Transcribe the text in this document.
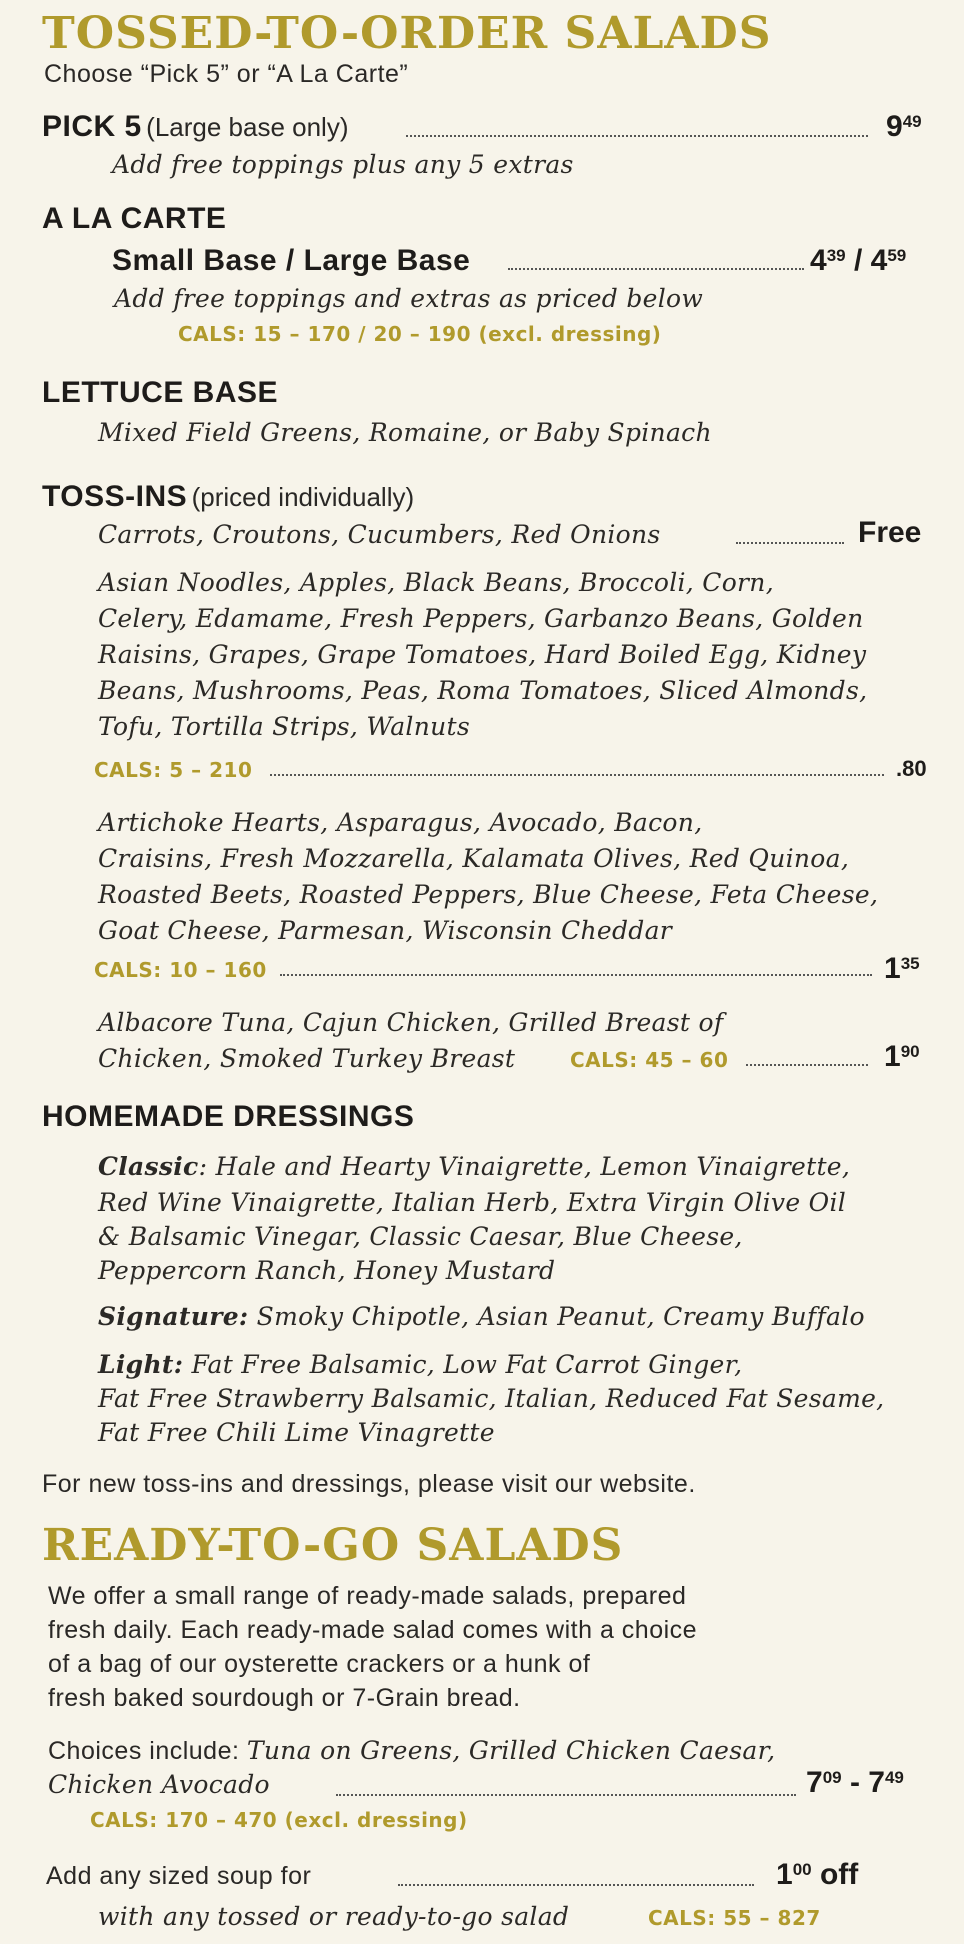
TOSSED-TO-ORDER SALADS
Choose “Pick 5” or “A La Carte”
PICK 5 (Large base only)	$9^{49}$
Add free toppings plus any 5 extras
A LA CARTE
Small Base / Large Base	$4^{39} / 4^{59}$
Add free toppings and extras as priced below
CALS: 15 – 170 / 20 – 190 (excl. dressing)
LETTUCE BASE
Mixed Field Greens, Romaine, or Baby Spinach
TOSS-INS (priced individually)
Carrots, Croutons, Cucumbers, Red Onions	Free
Asian Noodles, Apples, Black Beans, Broccoli, Corn,
Celery, Edamame, Fresh Peppers, Garbanzo Beans, Golden
Raisins, Grapes, Grape Tomatoes, Hard Boiled Egg, Kidney
Beans, Mushrooms, Peas, Roma Tomatoes, Sliced Almonds,
Tofu, Tortilla Strips, Walnuts
CALS: 5 – 210	.80
Artichoke Hearts, Asparagus, Avocado, Bacon,
Craisins, Fresh Mozzarella, Kalamata Olives, Red Quinoa,
Roasted Beets, Roasted Peppers, Blue Cheese, Feta Cheese,
Goat Cheese, Parmesan, Wisconsin Cheddar
CALS: 10 – 160	$1^{35}$
Albacore Tuna, Cajun Chicken, Grilled Breast of
Chicken, Smoked Turkey Breast	CALS: 45 – 60	$1^{90}$
HOMEMADE DRESSINGS
Classic: Hale and Hearty Vinaigrette, Lemon Vinaigrette,
Red Wine Vinaigrette, Italian Herb, Extra Virgin Olive Oil
& Balsamic Vinegar, Classic Caesar, Blue Cheese,
Peppercorn Ranch, Honey Mustard
Signature: Smoky Chipotle, Asian Peanut, Creamy Buffalo
Light: Fat Free Balsamic, Low Fat Carrot Ginger,
Fat Free Strawberry Balsamic, Italian, Reduced Fat Sesame,
Fat Free Chili Lime Vinagrette
For new toss-ins and dressings, please visit our website.
READY-TO-GO SALADS
We offer a small range of ready-made salads, prepared
fresh daily. Each ready-made salad comes with a choice
of a bag of our oysterette crackers or a hunk of
fresh baked sourdough or 7-Grain bread.
Choices include: Tuna on Greens, Grilled Chicken Caesar,
Chicken Avocado	$7^{09} - 7^{49}$
CALS: 170 – 470 (excl. dressing)
Add any sized soup for	$1^{00}$ off
with any tossed or ready-to-go salad	CALS: 55 – 827
